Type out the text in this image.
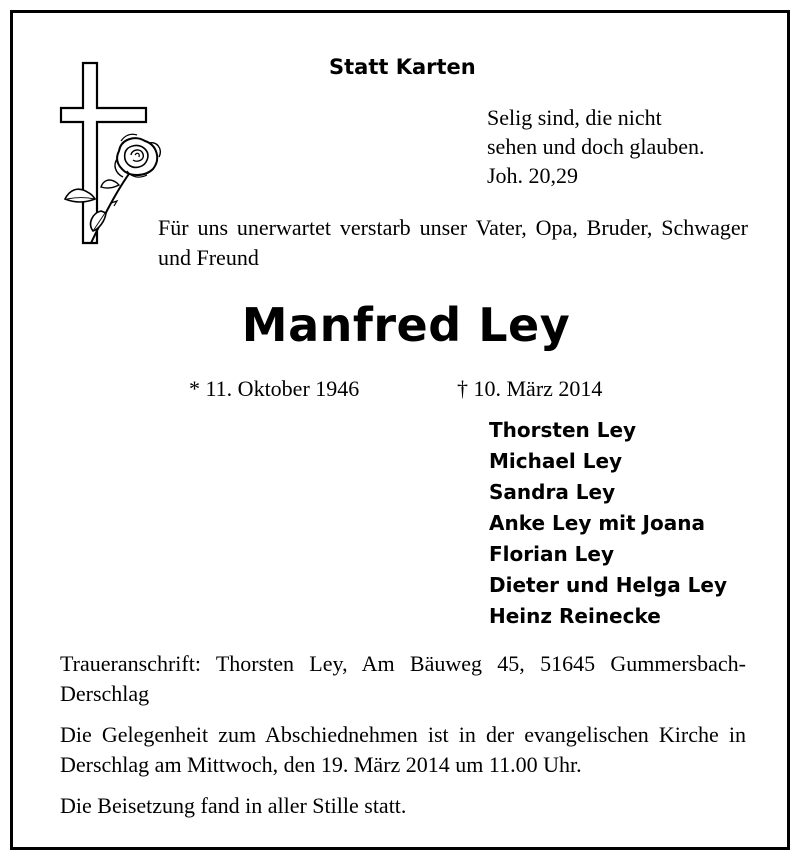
Statt Karten
Selig sind, die nicht
sehen und doch glauben.
Joh. 20,29
Für uns unerwartet verstarb unser Vater, Opa, Bruder, Schwager und Freund
Manfred Ley
* 11. Oktober 1946	† 10. März 2014
Thorsten Ley
Michael Ley
Sandra Ley
Anke Ley mit Joana
Florian Ley
Dieter und Helga Ley
Heinz Reinecke
Traueranschrift: Thorsten Ley, Am Bäuweg 45, 51645 Gummersbach-Derschlag
Die Gelegenheit zum Abschiednehmen ist in der evangelischen Kirche in Derschlag am Mittwoch, den 19. März 2014 um 11.00 Uhr.
Die Beisetzung fand in aller Stille statt.
